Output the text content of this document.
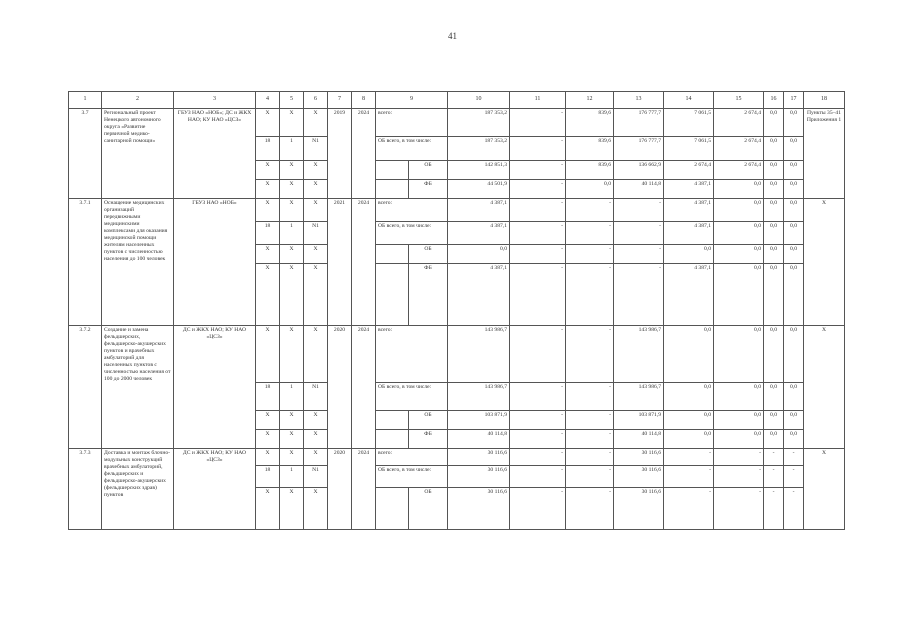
41
1	2	3	4	5	6	7	8	9		10	11	12	13	14	15	16	17	18
3.7	Региональный проект Ненецкого автономного округа «Развитие первичной медико-санитарной помощи»	ГБУЗ НАО «НОБ»; ДС и ЖКХ НАО; КУ НАО «ЦСЗ»	Х	Х	Х	2019	2024	всего:		187 353,2	-	839,6	176 777,7	7 061,5	2 674,4	0,0	0,0	Пункты 35–41 Приложения 1
			18	1	N1			ОБ всего, в том числе:		187 353,2	-	839,6	176 777,7	7 061,5	2 674,4	0,0	0,0	
			Х	Х	Х				ОБ	142 851,3	-	839,6	136 662,9	2 674,4	2 674,4	0,0	0,0	
			Х	Х	Х				ФБ	44 501,9	-	0,0	40 114,8	4 387,1	0,0	0,0	0,0	
3.7.1	Оснащение медицинских организаций передвижными медицинскими комплексами для оказания медицинской помощи жителям населенных пунктов с численностью населения до 100 человек	ГБУЗ НАО «НОБ»	Х	Х	Х	2021	2024	всего:		4 387,1	-	-	-	4 387,1	0,0	0,0	0,0	Х
			18	1	N1			ОБ всего, в том числе:		4 387,1	-	-	-	4 387,1	0,0	0,0	0,0	
			Х	Х	Х				ОБ	0,0	-	-	-	0,0	0,0	0,0	0,0	
			Х	Х	Х				ФБ	4 387,1	-	-	-	4 387,1	0,0	0,0	0,0	
3.7.2	Создание и замена фельдшерских, фельдшерско-акушерских пунктов и врачебных амбулаторий для населенных пунктов с численностью населения от 100 до 2000 человек	ДС и ЖКХ НАО; КУ НАО «ЦСЗ»	Х	Х	Х	2020	2024	всего:		143 986,7	-	-	143 986,7	0,0	0,0	0,0	0,0	Х
			18	1	N1			ОБ всего, в том числе:		143 986,7	-	-	143 986,7	0,0	0,0	0,0	0,0	
			Х	Х	Х				ОБ	103 871,9	-	-	103 871,9	0,0	0,0	0,0	0,0	
			Х	Х	Х				ФБ	40 114,8	-	-	40 114,8	0,0	0,0	0,0	0,0	
3.7.3	Доставка и монтаж блочно-модульных конструкций врачебных амбулаторий, фельдшерских и фельдшерско-акушерских (фельдшерских здрав) пунктов	ДС и ЖКХ НАО; КУ НАО «ЦСЗ»	Х	Х	Х	2020	2024	всего:		30 116,6	-	-	30 116,6	-	-	-	-	Х
			18	1	N1			ОБ всего, в том числе:		30 116,6	-	-	30 116,6	-	-	-	-	
			Х	Х	Х				ОБ	30 116,6	-	-	30 116,6	-	-	-	-	
